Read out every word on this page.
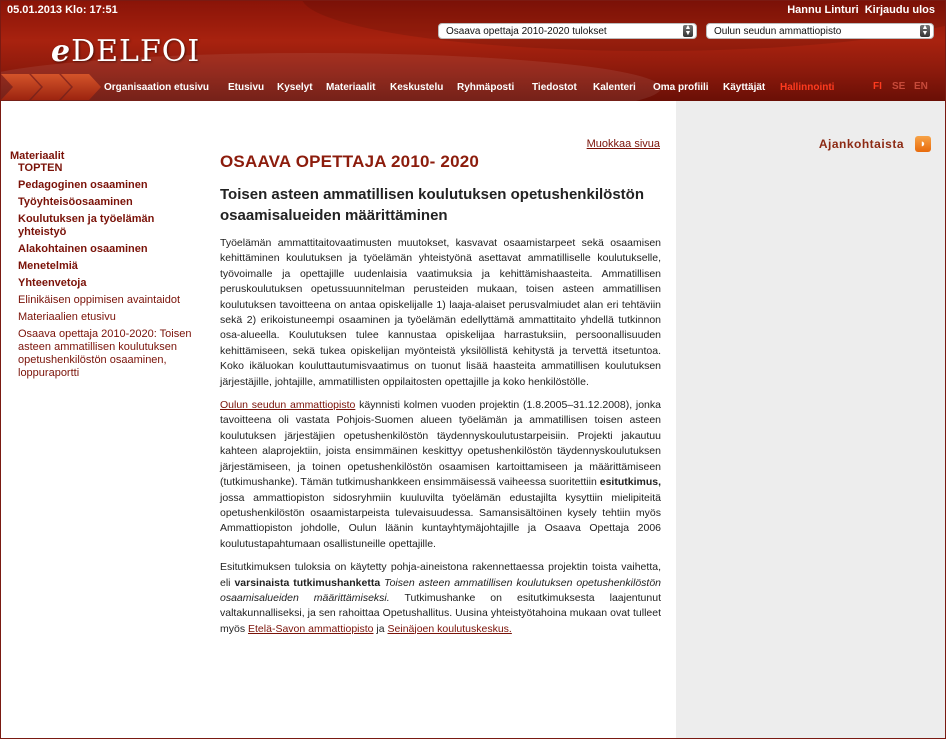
05.01.2013 Klo: 17:51	Hannu Linturi Kirjaudu ulos
Osaava opettaja 2010-2020 tulokset	▲
▼	Oulun seudun ammattiopisto	▲
▼
eDELFOI
Organisaation etusivu Etusivu Kyselyt Materiaalit Keskustelu Ryhmäposti Tiedostot Kalenteri Oma profiili Käyttäjät Hallinnointi	FI SE EN
Ajankohtaista	◗
Materiaalit
TOPTEN
Pedagoginen osaaminen
Työyhteisöosaaminen
Koulutuksen ja työelämän yhteistyö
Alakohtainen osaaminen
Menetelmiä
Yhteenvetoja
Elinikäisen oppimisen avaintaidot
Materiaalien etusivu
Osaava opettaja 2010-2020: Toisen asteen ammatillisen koulutuksen opetushenkilöstön osaaminen, loppuraportti
Muokkaa sivua
OSAAVA OPETTAJA 2010- 2020
Toisen asteen ammatillisen koulutuksen opetushenkilöstön osaamisalueiden määrittäminen

Työelämän ammattitaitovaatimusten muutokset, kasvavat osaamistarpeet sekä osaamisen kehittäminen koulutuksen ja työelämän yhteistyönä asettavat ammatilliselle koulutukselle, työvoimalle ja opettajille uudenlaisia vaatimuksia ja kehittämishaasteita. Ammatillisen peruskoulutuksen opetussuunnitelman perusteiden mukaan, toisen asteen ammatillisen koulutuksen tavoitteena on antaa opiskelijalle 1) laaja-alaiset perusvalmiudet alan eri tehtäviin sekä 2) erikoistuneempi osaaminen ja työelämän edellyttämä ammattitaito yhdellä tutkinnon osa-alueella. Koulutuksen tulee kannustaa opiskelijaa harrastuksiin, persoonallisuuden kehittämiseen, sekä tukea opiskelijan myönteistä yksilöllistä kehitystä ja tervettä itsetuntoa. Koko ikäluokan kouluttautumisvaatimus on tuonut lisää haasteita ammatillisen koulutuksen järjestäjille, johtajille, ammatillisten oppilaitosten opettajille ja koko henkilöstölle.

Oulun seudun ammattiopisto käynnisti kolmen vuoden projektin (1.8.2005–31.12.2008), jonka tavoitteena oli vastata Pohjois-Suomen alueen työelämän ja ammatillisen toisen asteen koulutuksen järjestäjien opetushenkilöstön täydennyskoulutustarpeisiin. Projekti jakautuu kahteen alaprojektiin, joista ensimmäinen keskittyy opetushenkilöstön täydennyskoulutuksen järjestämiseen, ja toinen opetushenkilöstön osaamisen kartoittamiseen ja määrittämiseen (tutkimushanke). Tämän tutkimushankkeen ensimmäisessä vaiheessa suoritettiin esitutkimus, jossa ammattiopiston sidosryhmiin kuuluvilta työelämän edustajilta kysyttiin mielipiteitä opetushenkilöstön osaamistarpeista tulevaisuudessa. Samansisältöinen kysely tehtiin myös Ammattiopiston johdolle, Oulun läänin kuntayhtymäjohtajille ja Osaava Opettaja 2006 koulutustapahtumaan osallistuneille opettajille.

Esitutkimuksen tuloksia on käytetty pohja-aineistona rakennettaessa projektin toista vaihetta, eli varsinaista tutkimushanketta Toisen asteen ammatillisen koulutuksen opetushenkilöstön osaamisalueiden määrittämiseksi. Tutkimushanke on esitutkimuksesta laajentunut valtakunnalliseksi, ja sen rahoittaa Opetushallitus. Uusina yhteistyötahoina mukaan ovat tulleet myös Etelä-Savon ammattiopisto ja Seinäjoen koulutuskeskus.
